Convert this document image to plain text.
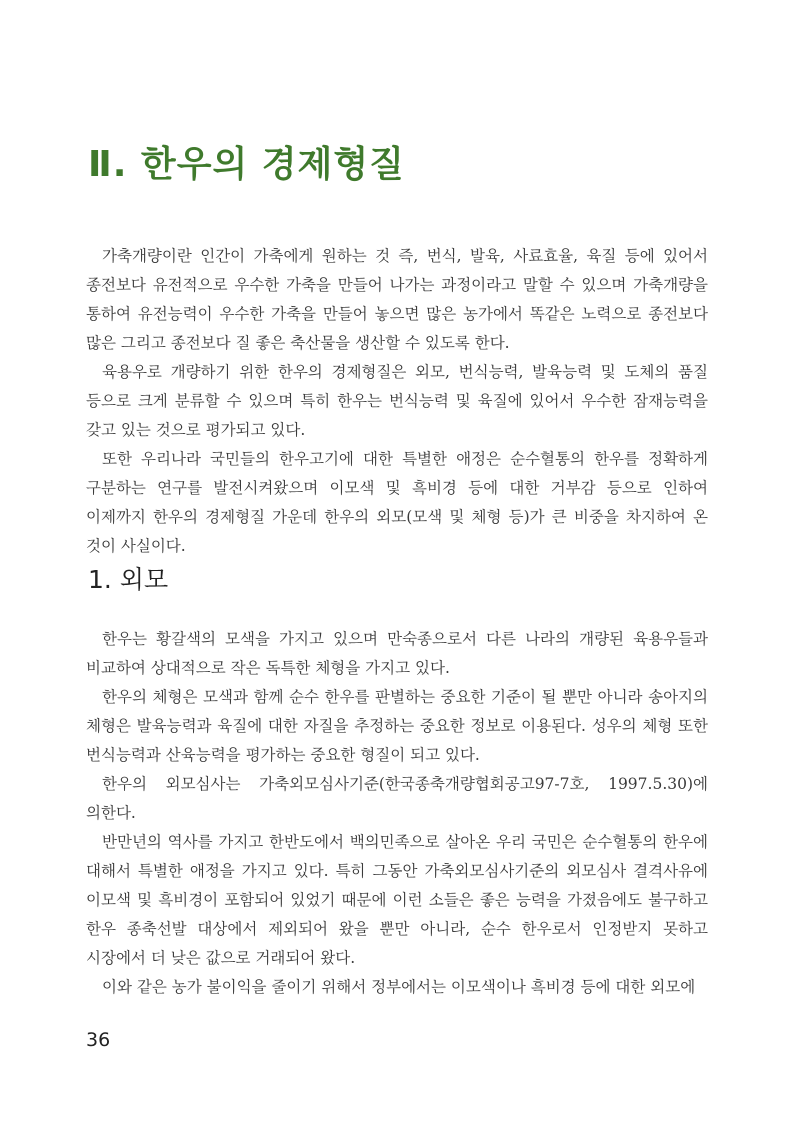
Ⅱ. 한우의 경제형질

가축개량이란 인간이 가축에게 원하는 것 즉, 번식, 발육, 사료효율, 육질 등에 있어서 종전보다 유전적으로 우수한 가축을 만들어 나가는 과정이라고 말할 수 있으며 가축개량을 통하여 유전능력이 우수한 가축을 만들어 놓으면 많은 농가에서 똑같은 노력으로 종전보다 많은 그리고 종전보다 질 좋은 축산물을 생산할 수 있도록 한다.

육용우로 개량하기 위한 한우의 경제형질은 외모, 번식능력, 발육능력 및 도체의 품질 등으로 크게 분류할 수 있으며 특히 한우는 번식능력 및 육질에 있어서 우수한 잠재능력을 갖고 있는 것으로 평가되고 있다.

또한 우리나라 국민들의 한우고기에 대한 특별한 애정은 순수혈통의 한우를 정확하게 구분하는 연구를 발전시켜왔으며 이모색 및 흑비경 등에 대한 거부감 등으로 인하여 이제까지 한우의 경제형질 가운데 한우의 외모(모색 및 체형 등)가 큰 비중을 차지하여 온 것이 사실이다.

1. 외모

한우는 황갈색의 모색을 가지고 있으며 만숙종으로서 다른 나라의 개량된 육용우들과 비교하여 상대적으로 작은 독특한 체형을 가지고 있다.

한우의 체형은 모색과 함께 순수 한우를 판별하는 중요한 기준이 될 뿐만 아니라 송아지의 체형은 발육능력과 육질에 대한 자질을 추정하는 중요한 정보로 이용된다. 성우의 체형 또한 번식능력과 산육능력을 평가하는 중요한 형질이 되고 있다.

한우의 외모심사는 가축외모심사기준(한국종축개량협회공고97-7호, 1997.5.30)에 의한다.

반만년의 역사를 가지고 한반도에서 백의민족으로 살아온 우리 국민은 순수혈통의 한우에 대해서 특별한 애정을 가지고 있다. 특히 그동안 가축외모심사기준의 외모심사 결격사유에 이모색 및 흑비경이 포함되어 있었기 때문에 이런 소들은 좋은 능력을 가졌음에도 불구하고 한우 종축선발 대상에서 제외되어 왔을 뿐만 아니라, 순수 한우로서 인정받지 못하고 시장에서 더 낮은 값으로 거래되어 왔다.

이와 같은 농가 불이익을 줄이기 위해서 정부에서는 이모색이나 흑비경 등에 대한 외모에

36
